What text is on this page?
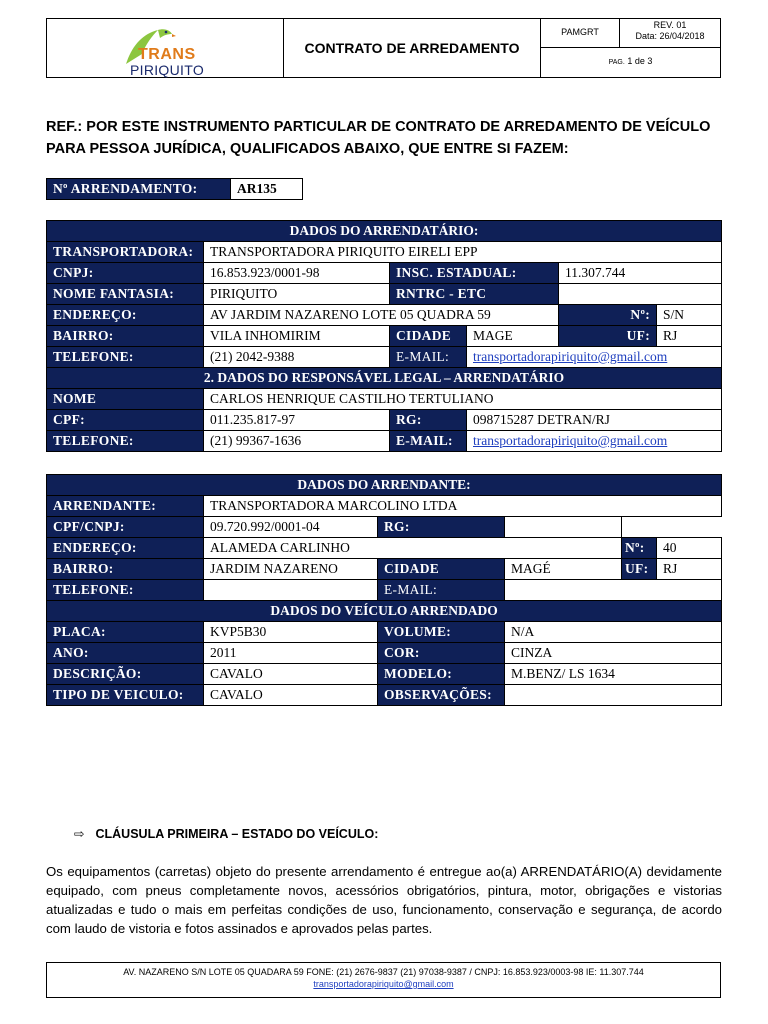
TRANS
PIRIQUITO
CONTRATO DE ARREDAMENTO
PAMGRT
REV. 01
Data: 26/04/2018
PAG. 1 de 3
REF.: POR ESTE INSTRUMENTO PARTICULAR DE CONTRATO DE ARREDAMENTO DE VEÍCULO PARA PESSOA JURÍDICA, QUALIFICADOS ABAIXO, QUE ENTRE SI FAZEM:
Nº ARRENDAMENTO:	AR135
DADOS DO ARRENDATÁRIO:					
TRANSPORTADORA:	TRANSPORTADORA PIRIQUITO EIRELI EPP				
CNPJ:	16.853.923/0001-98	INSC. ESTADUAL:		11.307.744	
NOME FANTASIA:	PIRIQUITO	RNTRC - ETC			
ENDEREÇO:	AV JARDIM NAZARENO LOTE 05 QUADRA 59			Nº:	S/N
BAIRRO:	VILA INHOMIRIM	CIDADE	MAGE	UF:	RJ
TELEFONE:	(21) 2042-9388	E-MAIL:	transportadorapiriquito@gmail.com		
2. DADOS DO RESPONSÁVEL LEGAL – ARRENDATÁRIO					
NOME	CARLOS HENRIQUE CASTILHO TERTULIANO				
CPF:	011.235.817-97	RG:	098715287 DETRAN/RJ		
TELEFONE:	(21) 99367-1636	E-MAIL:	transportadorapiriquito@gmail.com		
DADOS DO ARRENDANTE:					
ARRENDANTE:	TRANSPORTADORA MARCOLINO LTDA				
CPF/CNPJ:	09.720.992/0001-04	RG:			
ENDEREÇO:	ALAMEDA CARLINHO			Nº:	40
BAIRRO:	JARDIM NAZARENO	CIDADE	MAGÉ	UF:	RJ
TELEFONE:		E-MAIL:			
DADOS DO VEÍCULO ARRENDADO					
PLACA:	KVP5B30	VOLUME:	N/A		
ANO:	2011	COR:	CINZA		
DESCRIÇÃO:	CAVALO	MODELO:	M.BENZ/ LS 1634		
TIPO DE VEICULO:	CAVALO	OBSERVAÇÕES:			
⇨ CLÁUSULA PRIMEIRA – ESTADO DO VEÍCULO:
Os equipamentos (carretas) objeto do presente arrendamento é entregue ao(a) ARRENDATÁRIO(A) devidamente equipado, com pneus completamente novos, acessórios obrigatórios, pintura, motor, obrigações e vistorias atualizadas e tudo o mais em perfeitas condições de uso, funcionamento, conservação e segurança, de acordo com laudo de vistoria e fotos assinados e aprovados pelas partes.
AV. NAZARENO S/N LOTE 05 QUADARA 59 FONE: (21) 2676-9837 (21) 97038-9387 / CNPJ: 16.853.923/0003-98 IE: 11.307.744
transportadorapiriquito@gmail.com
